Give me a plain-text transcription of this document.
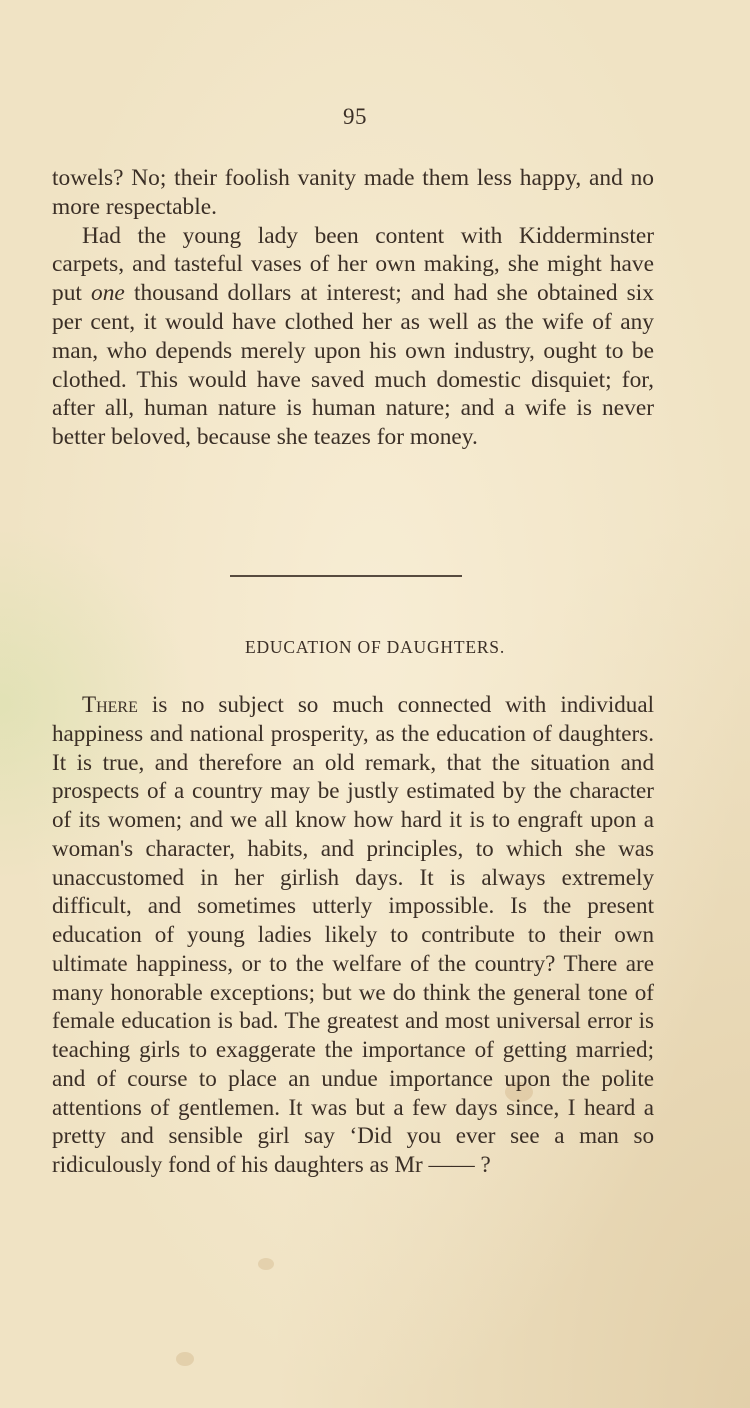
95

towels? No; their foolish vanity made them less happy, and no more respectable.

Had the young lady been content with Kidderminster carpets, and tasteful vases of her own making, she might have put one thousand dollars at interest; and had she obtained six per cent, it would have clothed her as well as the wife of any man, who depends merely upon his own industry, ought to be clothed. This would have saved much domestic disquiet; for, after all, human nature is human nature; and a wife is never better beloved, because she teazes for money.

EDUCATION OF DAUGHTERS.

There is no subject so much connected with individual happiness and national prosperity, as the education of daughters. It is true, and therefore an old remark, that the situation and prospects of a country may be justly estimated by the character of its women; and we all know how hard it is to engraft upon a woman's character, habits, and principles, to which she was unaccustomed in her girlish days. It is always extremely difficult, and sometimes utterly impossible. Is the present education of young ladies likely to contribute to their own ultimate happiness, or to the welfare of the country? There are many honorable exceptions; but we do think the general tone of female education is bad. The greatest and most universal error is teaching girls to exaggerate the importance of getting married; and of course to place an undue importance upon the polite attentions of gentlemen. It was but a few days since, I heard a pretty and sensible girl say ‘Did you ever see a man so ridiculously fond of his daughters as Mr —— ?
